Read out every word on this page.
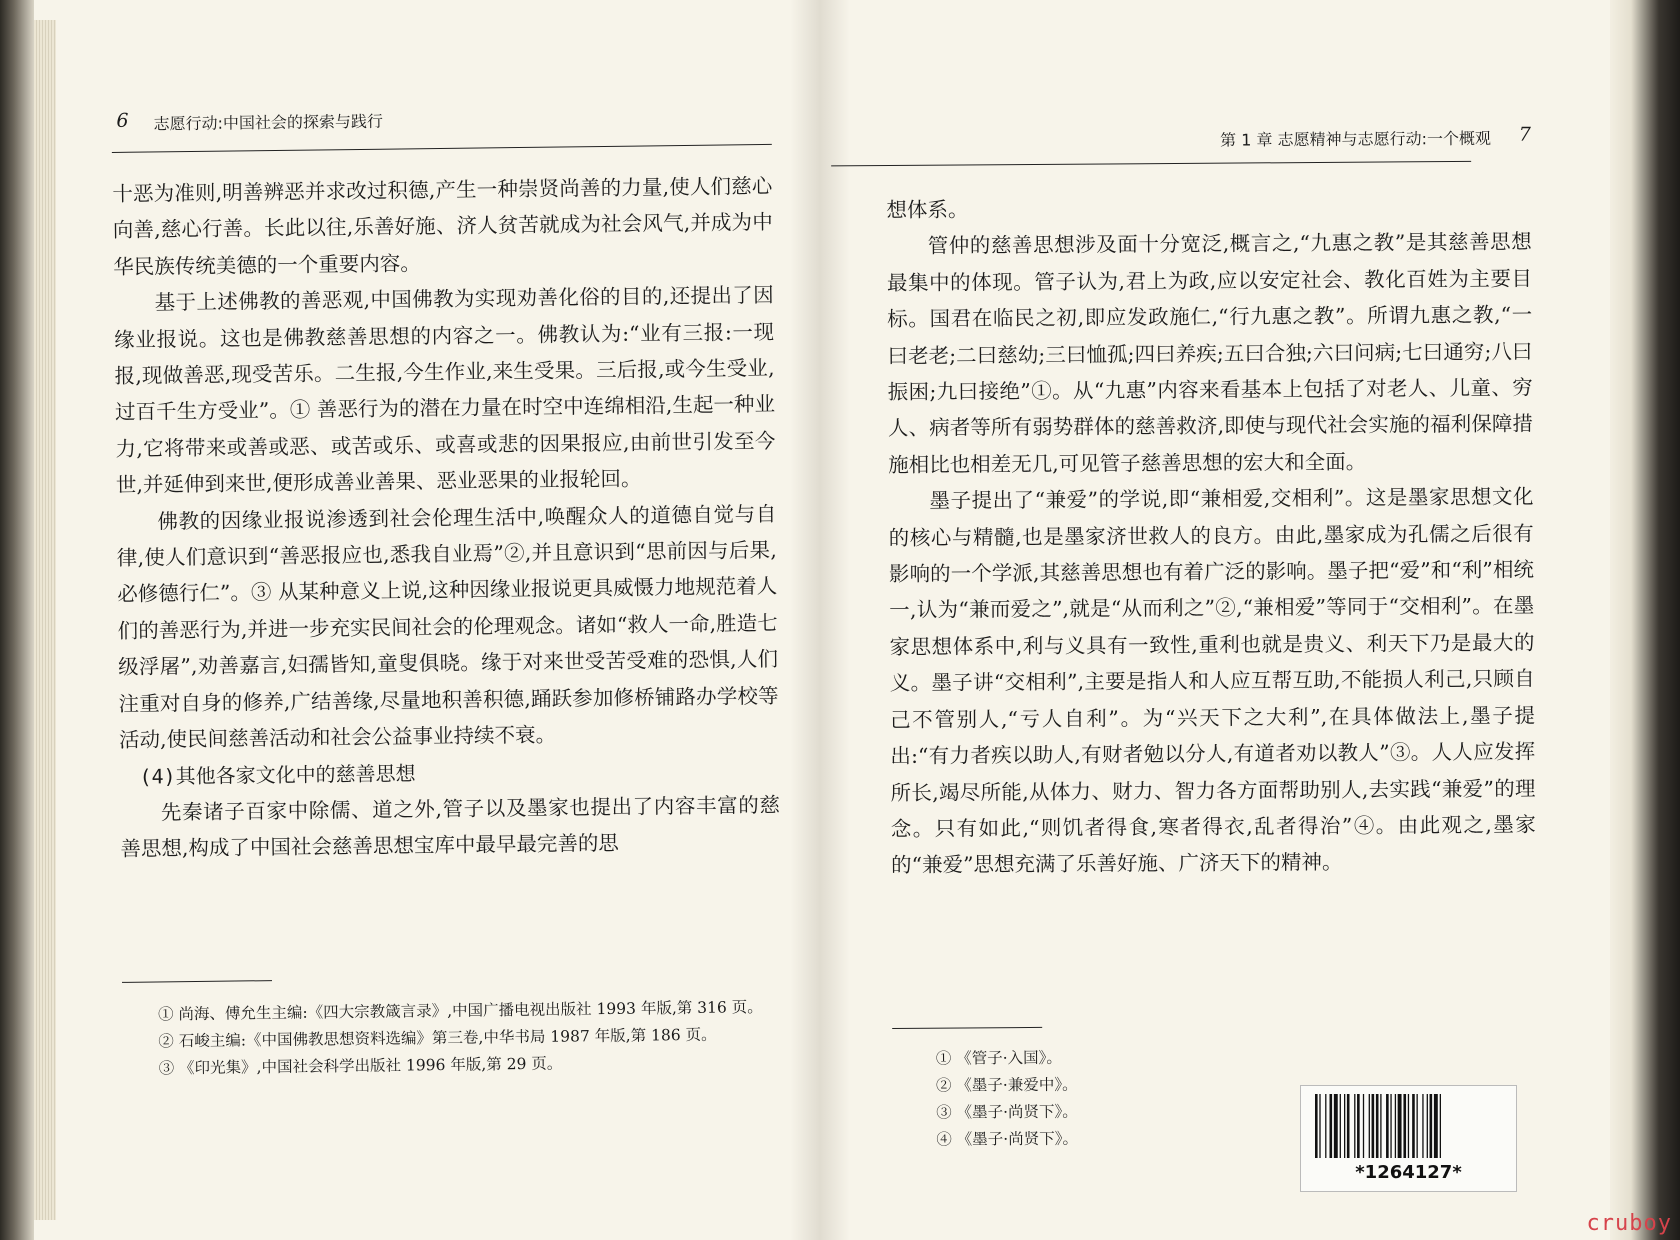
6 志愿行动:中国社会的探索与践行

十恶为准则,明善辨恶并求改过积德,产生一种崇贤尚善的力量,使人们慈心向善,慈心行善。长此以往,乐善好施、济人贫苦就成为社会风气,并成为中华民族传统美德的一个重要内容。

基于上述佛教的善恶观,中国佛教为实现劝善化俗的目的,还提出了因缘业报说。这也是佛教慈善思想的内容之一。佛教认为:“业有三报:一现报,现做善恶,现受苦乐。二生报,今生作业,来生受果。三后报,或今生受业,过百千生方受业”。① 善恶行为的潜在力量在时空中连绵相沿,生起一种业力,它将带来或善或恶、或苦或乐、或喜或悲的因果报应,由前世引发至今世,并延伸到来世,便形成善业善果、恶业恶果的业报轮回。

佛教的因缘业报说渗透到社会伦理生活中,唤醒众人的道德自觉与自律,使人们意识到“善恶报应也,悉我自业焉”②,并且意识到“思前因与后果,必修德行仁”。③ 从某种意义上说,这种因缘业报说更具威慑力地规范着人们的善恶行为,并进一步充实民间社会的伦理观念。诸如“救人一命,胜造七级浮屠”,劝善嘉言,妇孺皆知,童叟俱晓。缘于对来世受苦受难的恐惧,人们注重对自身的修养,广结善缘,尽量地积善积德,踊跃参加修桥铺路办学校等活动,使民间慈善活动和社会公益事业持续不衰。

(4)其他各家文化中的慈善思想

先秦诸子百家中除儒、道之外,管子以及墨家也提出了内容丰富的慈善思想,构成了中国社会慈善思想宝库中最早最完善的思

① 尚海、傅允生主编:《四大宗教箴言录》,中国广播电视出版社 1993 年版,第 316 页。

② 石峻主编:《中国佛教思想资料选编》第三卷,中华书局 1987 年版,第 186 页。

③ 《印光集》,中国社会科学出版社 1996 年版,第 29 页。

第 1 章 志愿精神与志愿行动:一个概观 7

想体系。

管仲的慈善思想涉及面十分宽泛,概言之,“九惠之教”是其慈善思想最集中的体现。管子认为,君上为政,应以安定社会、教化百姓为主要目标。国君在临民之初,即应发政施仁,“行九惠之教”。所谓九惠之教,“一曰老老;二曰慈幼;三曰恤孤;四曰养疾;五曰合独;六曰问病;七曰通穷;八曰振困;九曰接绝”①。从“九惠”内容来看基本上包括了对老人、儿童、穷人、病者等所有弱势群体的慈善救济,即使与现代社会实施的福利保障措施相比也相差无几,可见管子慈善思想的宏大和全面。

墨子提出了“兼爱”的学说,即“兼相爱,交相利”。这是墨家思想文化的核心与精髓,也是墨家济世救人的良方。由此,墨家成为孔儒之后很有影响的一个学派,其慈善思想也有着广泛的影响。墨子把“爱”和“利”相统一,认为“兼而爱之”,就是“从而利之”②,“兼相爱”等同于“交相利”。在墨家思想体系中,利与义具有一致性,重利也就是贵义、利天下乃是最大的义。墨子讲“交相利”,主要是指人和人应互帮互助,不能损人利己,只顾自己不管别人,“亏人自利”。为“兴天下之大利”,在具体做法上,墨子提出:“有力者疾以助人,有财者勉以分人,有道者劝以教人”③。人人应发挥所长,竭尽所能,从体力、财力、智力各方面帮助别人,去实践“兼爱”的理念。只有如此,“则饥者得食,寒者得衣,乱者得治”④。由此观之,墨家的“兼爱”思想充满了乐善好施、广济天下的精神。

① 《管子·入国》。

② 《墨子·兼爱中》。

③ 《墨子·尚贤下》。

④ 《墨子·尚贤下》。

*1264127*
cruboy
